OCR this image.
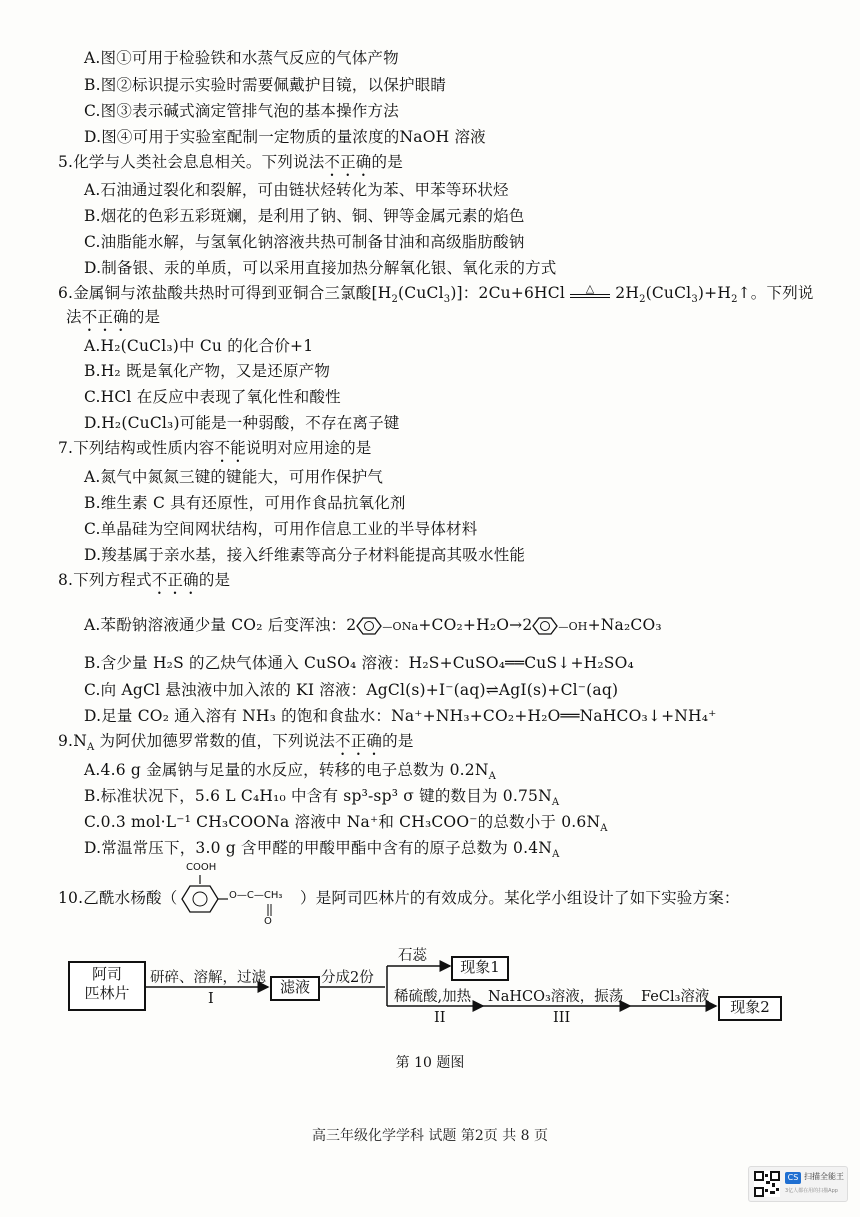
A.图①可用于检验铁和水蒸气反应的气体产物
B.图②标识提示实验时需要佩戴护目镜，以保护眼睛
C.图③表示碱式滴定管排气泡的基本操作方法
D.图④可用于实验室配制一定物质的量浓度的NaOH 溶液
5.化学与人类社会息息相关。下列说法不正确的是
A.石油通过裂化和裂解，可由链状烃转化为苯、甲苯等环状烃
B.烟花的色彩五彩斑斓，是利用了钠、铜、钾等金属元素的焰色
C.油脂能水解，与氢氧化钠溶液共热可制备甘油和高级脂肪酸钠
D.制备银、汞的单质，可以采用直接加热分解氧化银、氧化汞的方式
6.金属铜与浓盐酸共热时可得到亚铜合三氯酸$[H_2(CuCl_3)]$：2Cu+6HCl	△	$2H_2(CuCl_3)+H_2↑$。下列说
法不正确的是
A.H₂(CuCl₃)中 Cu 的化合价+1
B.H₂ 既是氧化产物，又是还原产物
C.HCl 在反应中表现了氧化性和酸性
D.H₂(CuCl₃)可能是一种弱酸，不存在离子键
7.下列结构或性质内容不能说明对应用途的是
A.氮气中氮氮三键的键能大，可用作保护气
B.维生素 C 具有还原性，可用作食品抗氧化剂
C.单晶硅为空间网状结构，可用作信息工业的半导体材料
D.羧基属于亲水基，接入纤维素等高分子材料能提高其吸水性能
8.下列方程式不正确的是
A.苯酚钠溶液通少量 CO₂ 后变浑浊：2	—ONa+CO₂+H₂O→2	—OH+Na₂CO₃
B.含少量 H₂S 的乙炔气体通入 CuSO₄ 溶液：H₂S+CuSO₄══CuS↓+H₂SO₄
C.向 AgCl 悬浊液中加入浓的 KI 溶液：AgCl(s)+I⁻(aq)⇌AgI(s)+Cl⁻(aq)
D.足量 CO₂ 通入溶有 NH₃ 的饱和食盐水：Na⁺+NH₃+CO₂+H₂O══NaHCO₃↓+NH₄⁺
$9.N_A$ 为阿伏加德罗常数的值，下列说法不正确的是
A.4.6 g 金属钠与足量的水反应，转移的电子总数为 $0.2N_A$
B.标准状况下，5.6 L C₄H₁₀ 中含有 sp³-sp³ σ 键的数目为 $0.75N_A$
C.0.3 mol·L⁻¹ CH₃COONa 溶液中 Na⁺和 CH₃COO⁻的总数小于 $0.6N_A$
D.常温常压下，3.0 g 含甲醛的甲酸甲酯中含有的原子总数为 $0.4N_A$
10.乙酰水杨酸（
COOH
O—C—CH₃
O
）是阿司匹林片的有效成分。某化学小组设计了如下实验方案：
阿司
匹林片
研碎、溶解，过滤
I
滤液 分成2份
石蕊
现象1
稀硫酸,加热
II
NaHCO₃溶液，振荡
III
FeCl₃溶液
现象2
第 10 题图
高三年级化学学科 试题 第2页 共 8 页
CS 扫描全能王
3亿人都在用的扫描App
